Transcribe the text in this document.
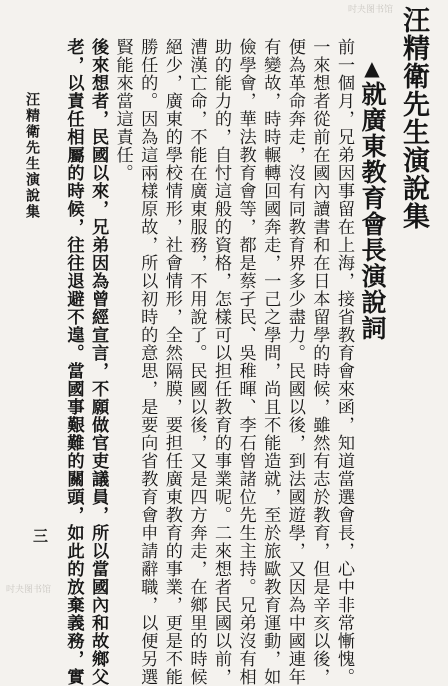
吋夬图书馆 汪精衛先生演說集
▲就廣東教育會長演說詞
前一個月，兄弟因事留在上海，接省教育會來函，知道當選會長，心中非常慚愧。
一來想者從前在國內讀書和在日本留學的時候，雖然有志於教育，但是辛亥以後，
便為革命奔走，沒有同教育界多少盡力。民國以後，到法國遊學，又因為中國連年
有變故，時時輾轉回國奔走，一己之學問，尚且不能造就，至於旅歐教育運動，如
儉學會，華法教育會等，都是蔡孑民、吳稚暉、李石曾諸位先生主持。兄弟沒有相
助的能力的，自忖這般的資格，怎樣可以担任教育的事業呢。二來想者民國以前，
漕漢亡命，不能在廣東服務，不用說了。民國以後，又是四方奔走，在鄉里的時候
絕少，廣東的學校情形，社會情形，全然隔膜，要担任廣東教育的事業，更是不能
勝任的。因為這兩樣原故，所以初時的意思，是要向省教育會申請辭職，以便另選
賢能來當這責任。
後來想者，民國以來，兄弟因為曾經宣言，不願做官吏議員，所以當國內和故鄉父
老，以責任相屬的時候，往往退避不遑。當國事艱難的關頭，如此的放棄義務，實
汪精衛先生演說集
三
吋夬图书馆
